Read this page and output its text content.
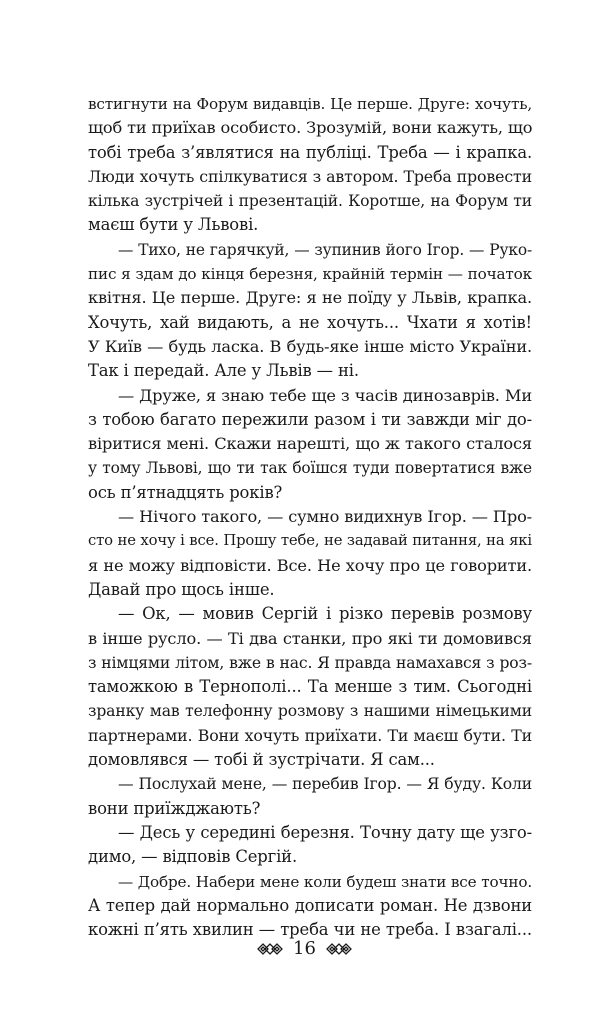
встигнути на Форум видавців. Це перше. Друге: хочуть,
щоб ти приїхав особисто. Зрозумій, вони кажуть, що
тобі треба з’являтися на публіці. Треба — і крапка.
Люди хочуть спілкуватися з автором. Треба провести
кілька зустрічей і презентацій. Коротше, на Форум ти
маєш бути у Львові.
— Тихо, не гарячкуй, — зупинив його Ігор. — Руко-
пис я здам до кінця березня, крайній термін — початок
квітня. Це перше. Друге: я не поїду у Львів, крапка.
Хочуть, хай видають, а не хочуть... Чхати я хотів!
У Київ — будь ласка. В будь-яке інше місто України.
Так і передай. Але у Львів — ні.
— Друже, я знаю тебе ще з часів динозаврів. Ми
з тобою багато пережили разом і ти завжди міг до-
віритися мені. Скажи нарешті, що ж такого сталося
у тому Львові, що ти так боїшся туди повертатися вже
ось п’ятнадцять років?
— Нічого такого, — сумно видихнув Ігор. — Про-
сто не хочу і все. Прошу тебе, не задавай питання, на які
я не можу відповісти. Все. Не хочу про це говорити.
Давай про щось інше.
— Ок, — мовив Сергій і різко перевів розмову
в інше русло. — Ті два станки, про які ти домовився
з німцями літом, вже в нас. Я правда намахався з роз-
таможкою в Тернополі... Та менше з тим. Сьогодні
зранку мав телефонну розмову з нашими німецькими
партнерами. Вони хочуть приїхати. Ти маєш бути. Ти
домовлявся — тобі й зустрічати. Я сам...
— Послухай мене, — перебив Ігор. — Я буду. Коли
вони приїжджають?
— Десь у середині березня. Точну дату ще узго-
димо, — відповів Сергій.
— Добре. Набери мене коли будеш знати все точно.
А тепер дай нормально дописати роман. Не дзвони
кожні п’ять хвилин — треба чи не треба. І взагалі...
16
